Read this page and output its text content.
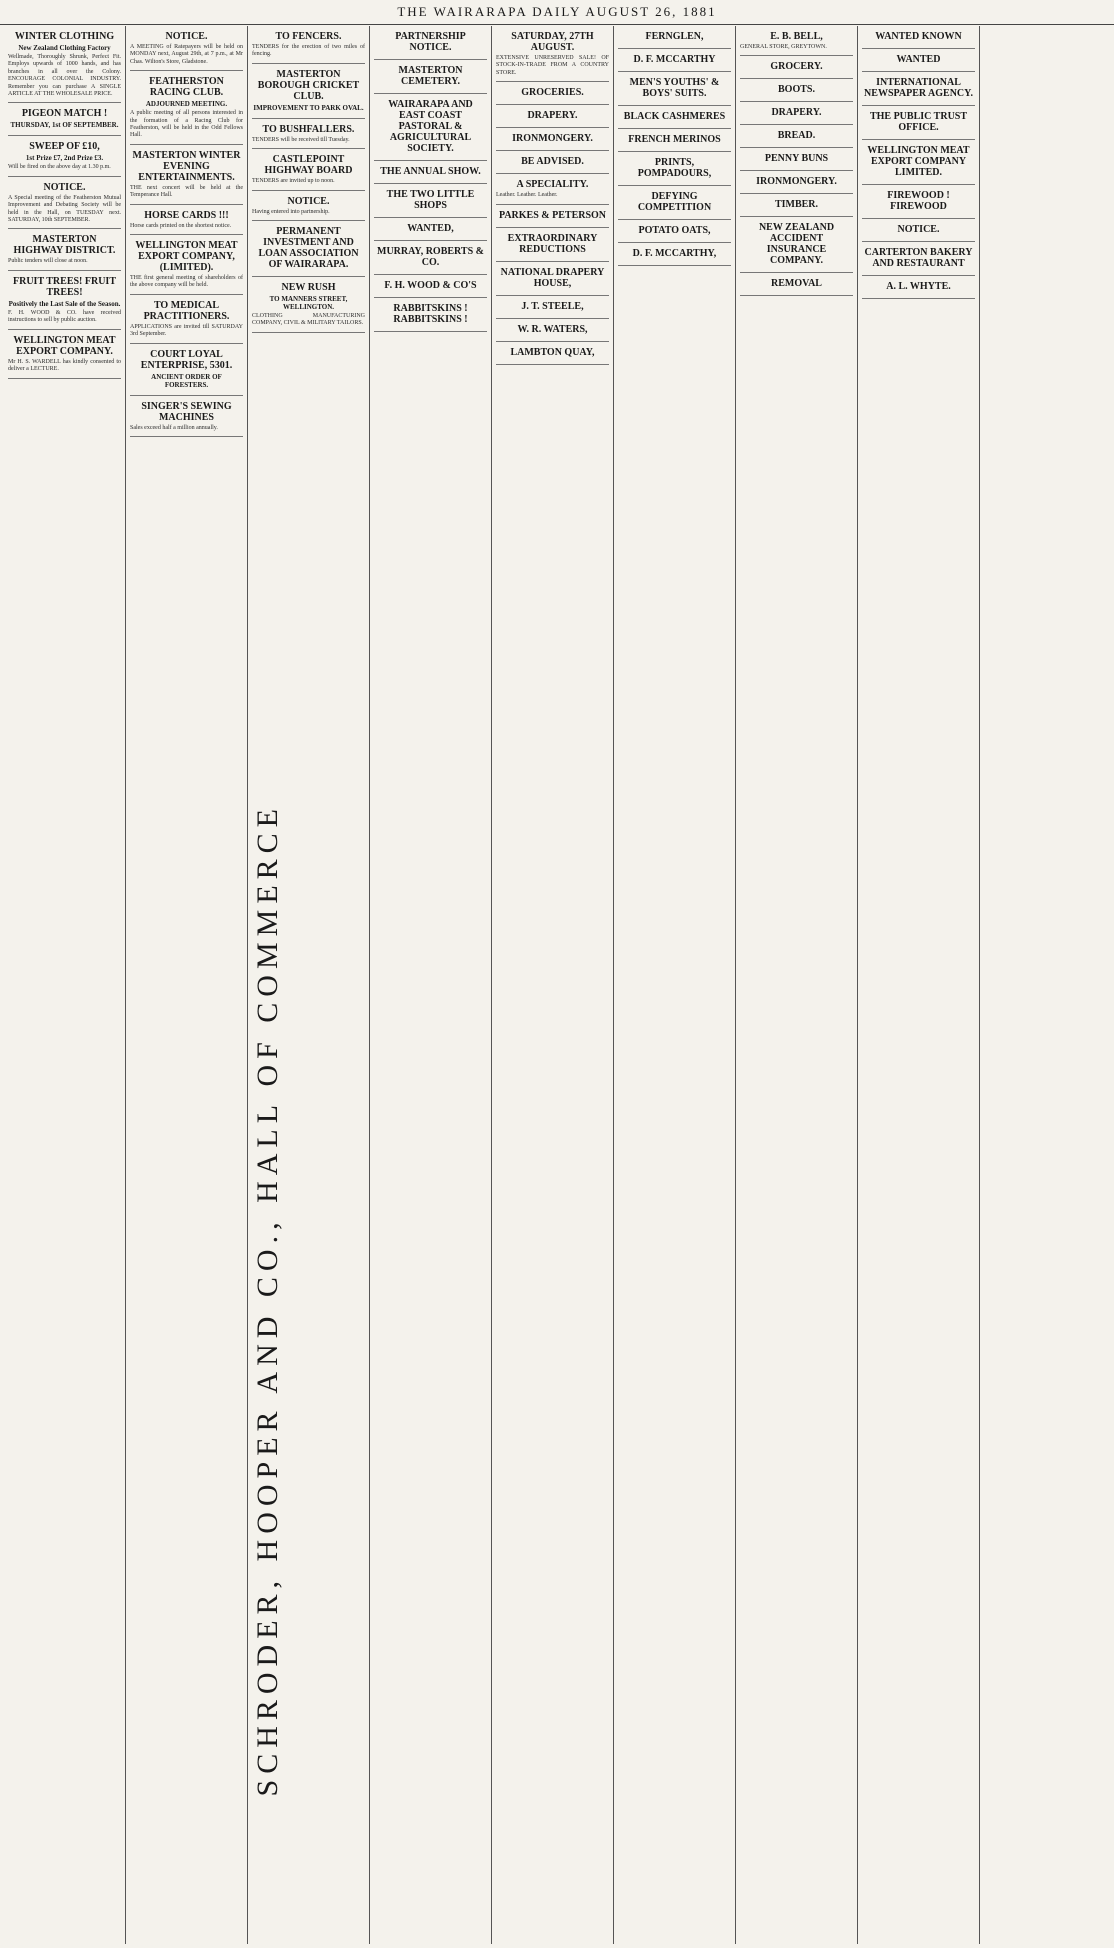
THE WAIRARAPA DAILY AUGUST 26, 1881
WINTER CLOTHING
New Zealand Clothing Factory

Wellmade, Thoroughly Shrunk, Perfect Fit. Employs upwards of 1000 hands, and has branches in all over the Colony. ENCOURAGE COLONIAL INDUSTRY. Remember you can purchase A SINGLE ARTICLE AT THE WHOLESALE PRICE.

PIGEON MATCH !
THURSDAY, 1st OF SEPTEMBER.
SWEEP OF £10,
1st Prize £7, 2nd Prize £3.

Will be fired on the above day at 1.30 p.m.

NOTICE.

A Special meeting of the Featherston Mutual Improvement and Debating Society will be held in the Hall, on TUESDAY next. SATURDAY, 10th SEPTEMBER.

MASTERTON HIGHWAY DISTRICT.

Public tenders will close at noon.

FRUIT TREES! FRUIT TREES!
Positively the Last Sale of the Season.

F. H. WOOD & CO. have received instructions to sell by public auction.

WELLINGTON MEAT EXPORT COMPANY.

Mr H. S. WARDELL has kindly consented to deliver a LECTURE.

NOTICE.

A MEETING of Ratepayers will be held on MONDAY next, August 29th, at 7 p.m., at Mr Chas. Wilton's Store, Gladstone.

FEATHERSTON RACING CLUB.
ADJOURNED MEETING.

A public meeting of all persons interested in the formation of a Racing Club for Featherston, will be held in the Odd Fellows Hall.

MASTERTON WINTER EVENING ENTERTAINMENTS.

THE next concert will be held at the Temperance Hall.

HORSE CARDS !!!

Horse cards printed on the shortest notice.

WELLINGTON MEAT EXPORT COMPANY, (LIMITED).

THE first general meeting of shareholders of the above company will be held.

TO MEDICAL PRACTITIONERS.

APPLICATIONS are invited till SATURDAY 3rd September.

COURT LOYAL ENTERPRISE, 5301.
ANCIENT ORDER OF FORESTERS.
SINGER'S SEWING MACHINES

Sales exceed half a million annually.

TO FENCERS.

TENDERS for the erection of two miles of fencing.

MASTERTON BOROUGH CRICKET CLUB.
IMPROVEMENT TO PARK OVAL.
TO BUSHFALLERS.

TENDERS will be received till Tuesday.

CASTLEPOINT HIGHWAY BOARD

TENDERS are invited up to noon.

NOTICE.

Having entered into partnership.

PERMANENT INVESTMENT AND LOAN ASSOCIATION OF WAIRARAPA.
NEW RUSH
TO MANNERS STREET, WELLINGTON.

CLOTHING MANUFACTURING COMPANY, CIVIL & MILITARY TAILORS.

PARTNERSHIP NOTICE.
MASTERTON CEMETERY.
WAIRARAPA AND EAST COAST PASTORAL & AGRICULTURAL SOCIETY.
THE ANNUAL SHOW.
THE TWO LITTLE SHOPS
WANTED,
MURRAY, ROBERTS & CO.
F. H. WOOD & CO'S
RABBITSKINS ! RABBITSKINS !
SATURDAY, 27TH AUGUST.

EXTENSIVE UNRESERVED SALE! OF STOCK-IN-TRADE FROM A COUNTRY STORE.

GROCERIES.
DRAPERY.
IRONMONGERY.
BE ADVISED.
A SPECIALITY.

Leather. Leather. Leather.

PARKES & PETERSON
EXTRAORDINARY REDUCTIONS
NATIONAL DRAPERY HOUSE,
J. T. STEELE,
W. R. WATERS,
LAMBTON QUAY,
FERNGLEN,
D. F. MCCARTHY
MEN'S YOUTHS' & BOYS' SUITS.
BLACK CASHMERES
FRENCH MERINOS
PRINTS, POMPADOURS,
DEFYING COMPETITION
POTATO OATS,
D. F. MCCARTHY,
E. B. BELL,

GENERAL STORE, GREYTOWN.

GROCERY.
BOOTS.
DRAPERY.
BREAD.
PENNY BUNS
IRONMONGERY.
TIMBER.
NEW ZEALAND ACCIDENT INSURANCE COMPANY.
REMOVAL
WANTED KNOWN
WANTED
INTERNATIONAL NEWSPAPER AGENCY.
THE PUBLIC TRUST OFFICE.
WELLINGTON MEAT EXPORT COMPANY LIMITED.
FIREWOOD ! FIREWOOD
NOTICE.
CARTERTON BAKERY AND RESTAURANT
A. L. WHYTE.
SCHRODER, HOOPER AND CO., HALL OF COMMERCE
